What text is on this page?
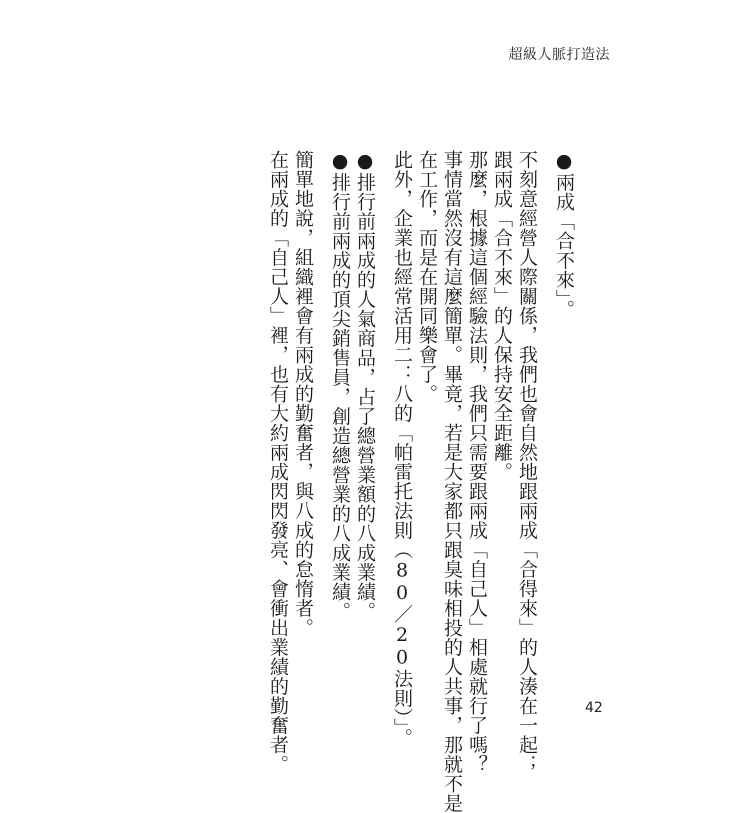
超級人脈打造法
●兩成「合不來」。
不刻意經營人際關係，我們也會自然地跟兩成「合得來」的人湊在一起；
跟兩成「合不來」的人保持安全距離。
那麼，根據這個經驗法則，我們只需要跟兩成「自己人」相處就行了嗎？
事情當然沒有這麼簡單。畢竟，若是大家都只跟臭味相投的人共事，那就不是
在工作，而是在開同樂會了。
此外，企業也經常活用二：八的「帕雷托法則（80／20法則）」。
●排行前兩成的人氣商品，占了總營業額的八成業績。
●排行前兩成的頂尖銷售員，創造總營業的八成業績。
簡單地說，組織裡會有兩成的勤奮者，與八成的怠惰者。
在兩成的「自己人」裡，也有大約兩成閃閃發亮、會衝出業績的勤奮者。	42
